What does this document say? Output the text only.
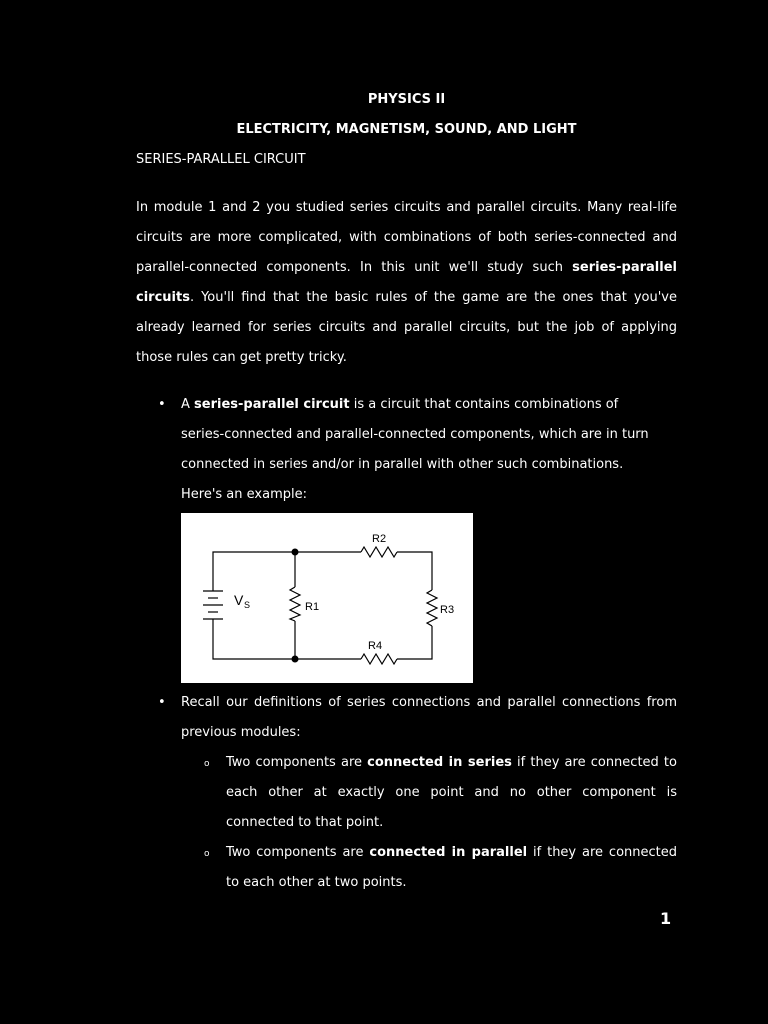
PHYSICS II
ELECTRICITY, MAGNETISM, SOUND, AND LIGHT
SERIES-PARALLEL CIRCUIT
In module 1 and 2 you studied series circuits and parallel circuits. Many real-life circuits are more complicated, with combinations of both series-connected and parallel-connected components. In this unit we'll study such series-parallel circuits. You'll find that the basic rules of the game are the ones that you've already learned for series circuits and parallel circuits, but the job of applying those rules can get pretty tricky.
• A series-parallel circuit is a circuit that contains combinations of series-connected and parallel-connected components, which are in turn connected in series and/or in parallel with other such combinations.
Here's an example:
V S	R1
R2
R3
R4
• Recall our definitions of series connections and parallel connections from previous modules:
o Two components are connected in series if they are connected to each other at exactly one point and no other component is connected to that point.
o Two components are connected in parallel if they are connected to each other at two points.
1
